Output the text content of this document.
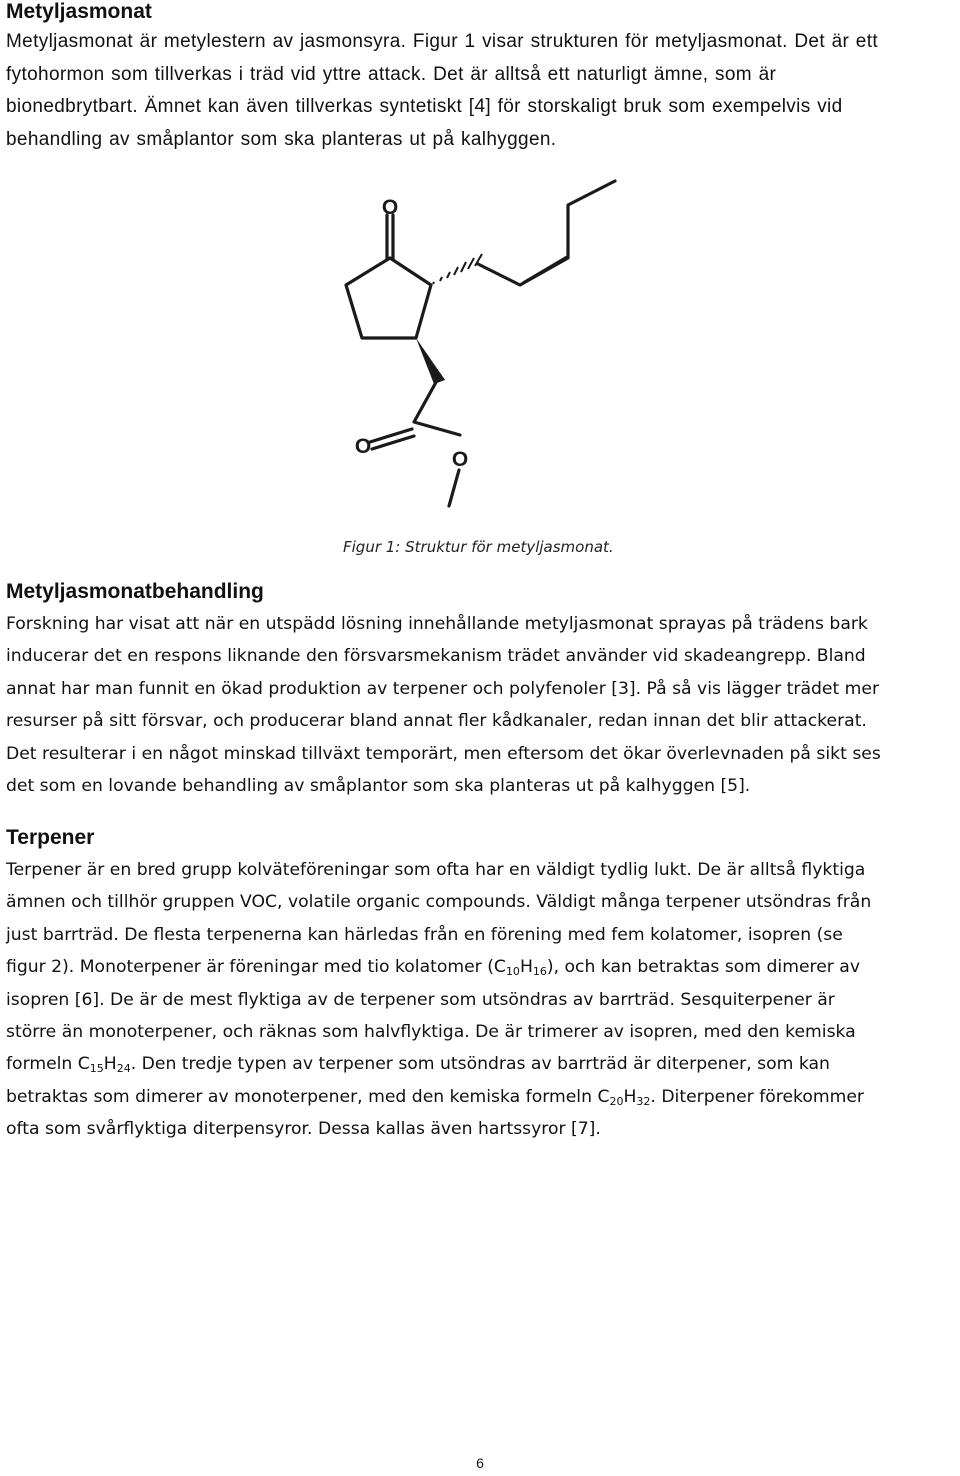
Metyljasmonat

Metyljasmonat är metylestern av jasmonsyra. Figur 1 visar strukturen för metyljasmonat. Det är ett
fytohormon som tillverkas i träd vid yttre attack. Det är alltså ett naturligt ämne, som är
bionedbrytbart. Ämnet kan även tillverkas syntetiskt [4] för storskaligt bruk som exempelvis vid
behandling av småplantor som ska planteras ut på kalhyggen.

O
O
O

Figur 1: Struktur för metyljasmonat.

Metyljasmonatbehandling

Forskning har visat att när en utspädd lösning innehållande metyljasmonat sprayas på trädens bark
inducerar det en respons liknande den försvarsmekanism trädet använder vid skadeangrepp. Bland
annat har man funnit en ökad produktion av terpener och polyfenoler [3]. På så vis lägger trädet mer
resurser på sitt försvar, och producerar bland annat fler kådkanaler, redan innan det blir attackerat.
Det resulterar i en något minskad tillväxt temporärt, men eftersom det ökar överlevnaden på sikt ses
det som en lovande behandling av småplantor som ska planteras ut på kalhyggen [5].

Terpener

Terpener är en bred grupp kolväteföreningar som ofta har en väldigt tydlig lukt. De är alltså flyktiga
ämnen och tillhör gruppen VOC, volatile organic compounds. Väldigt många terpener utsöndras från
just barrträd. De flesta terpenerna kan härledas från en förening med fem kolatomer, isopren (se
figur 2). Monoterpener är föreningar med tio kolatomer $(C_{10}H_{16})$, och kan betraktas som dimerer av
isopren [6]. De är de mest flyktiga av de terpener som utsöndras av barrträd. Sesquiterpener är
större än monoterpener, och räknas som halvflyktiga. De är trimerer av isopren, med den kemiska
formeln $C_{15}H_{24}$. Den tredje typen av terpener som utsöndras av barrträd är diterpener, som kan
betraktas som dimerer av monoterpener, med den kemiska formeln $C_{20}H_{32}$. Diterpener förekommer
ofta som svårflyktiga diterpensyror. Dessa kallas även hartssyror [7].

6
